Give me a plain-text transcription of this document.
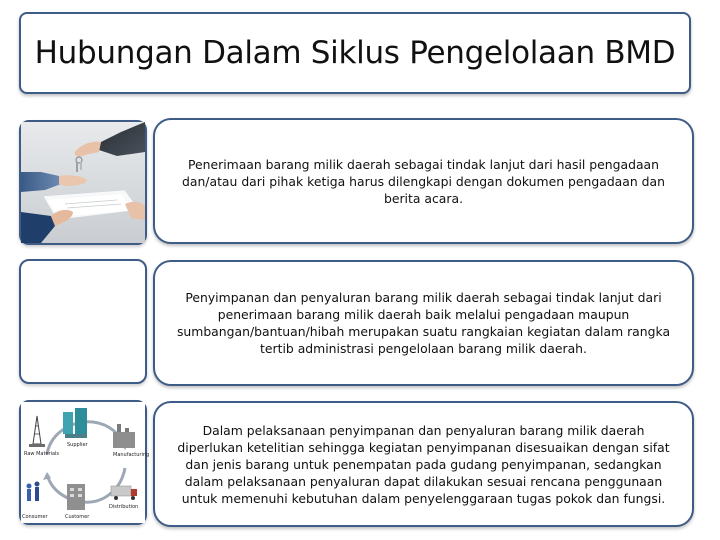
Hubungan Dalam Siklus Pengelolaan BMD

Penerimaan barang milik daerah sebagai tindak lanjut dari hasil pengadaan dan/atau dari pihak ketiga harus dilengkapi dengan dokumen pengadaan dan berita acara.

Penyimpanan dan penyaluran barang milik daerah sebagai tindak lanjut dari penerimaan barang milik daerah baik melalui pengadaan maupun sumbangan/bantuan/hibah merupakan suatu rangkaian kegiatan dalam rangka tertib administrasi pengelolaan barang milik daerah.

Raw Materials
Supplier
Manufacturing
Distribution
Customer
Consumer

Dalam pelaksanaan penyimpanan dan penyaluran barang milik daerah diperlukan ketelitian sehingga kegiatan penyimpanan disesuaikan dengan sifat dan jenis barang untuk penempatan pada gudang penyimpanan, sedangkan dalam pelaksanaan penyaluran dapat dilakukan sesuai rencana penggunaan untuk memenuhi kebutuhan dalam penyelenggaraan tugas pokok dan fungsi.
